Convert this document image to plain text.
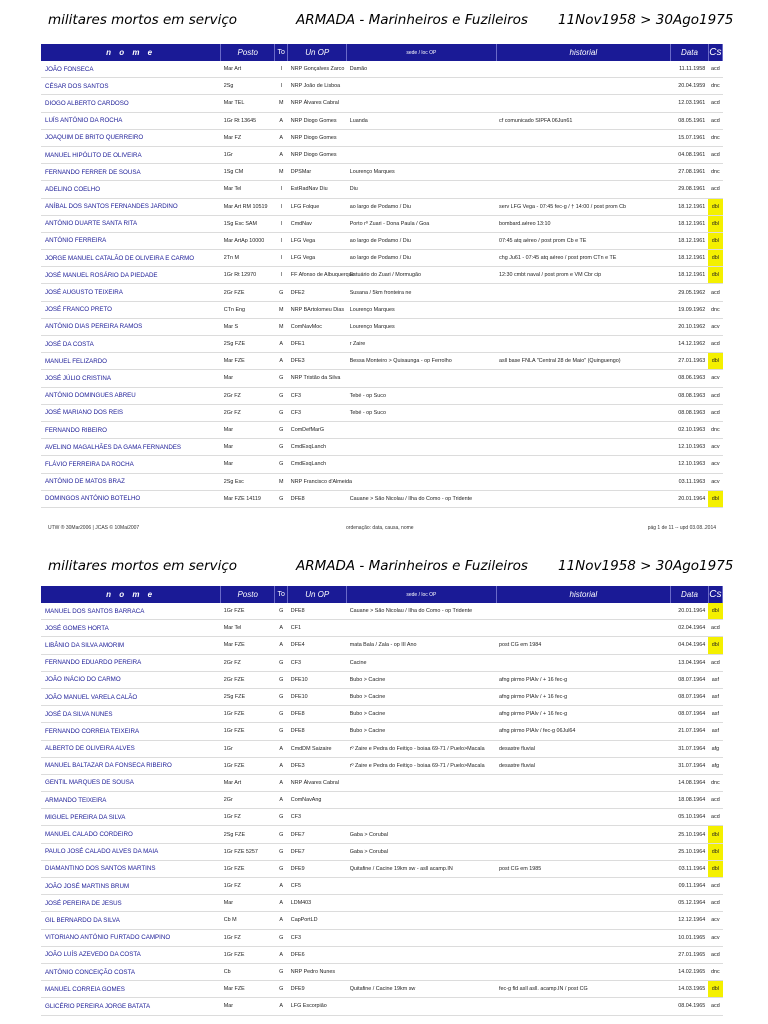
militares mortos em serviço	ARMADA - Marinheiros e Fuzileiros 11Nov1958 > 30Ago1975
n o m e	Posto	To	Un OP	sede / loc OP	historial	Data	Cs
JOÃO FONSECA	Mar Art	I	NRP Gonçalves Zarco	Damão		11.11.1958	acd
CÉSAR DOS SANTOS	2Sg	I	NRP João de Lisboa			20.04.1959	dnc
DIOGO ALBERTO CARDOSO	Mar TEL	M	NRP Álvares Cabral			12.03.1961	acd
LUÍS ANTÓNIO DA ROCHA	1Gr Rt 13645	A	NRP Diogo Gomes	Luanda	cf comunicado SIPFA 06Jun61	08.05.1961	acd
JOAQUIM DE BRITO QUERREIRO	Mar FZ	A	NRP Diogo Gomes			15.07.1961	dnc
MANUEL HIPÓLITO DE OLIVEIRA	1Gr	A	NRP Diogo Gomes			04.08.1961	acd
FERNANDO FERRER DE SOUSA	1Sg CM	M	DPSMar	Lourenço Marques		27.08.1961	dnc
ADELINO COELHO	Mar Tel	I	EstRadNav Diu	Diu		29.08.1961	acd
ANÍBAL DOS SANTOS FERNANDES JARDINO	Mar Art RM 10519	I	LFG Folque	ao largo de Podamo / Diu	serv LFG Vega - 07:45 fec-g / † 14:00 / post prom Cb	18.12.1961	dbl
ANTÓNIO DUARTE SANTA RITA	1Sg Esc SAM	I	CmdNav	Porto rº Zuari - Dona Paula / Goa	bombard.aéreo 13:10	18.12.1961	dbl
ANTÓNIO FERREIRA	Mar ArtAp 10000	I	LFG Vega	ao largo de Podamo / Diu	07:45 atq aéreo / post prom Cb e TE	18.12.1961	dbl
JORGE MANUEL CATALÃO DE OLIVEIRA E CARMO	2Tn M	I	LFG Vega	ao largo de Podamo / Diu	chg Ju61 - 07:45 atq aéreo / post prom CTn e TE	18.12.1961	dbl
JOSÉ MANUEL ROSÁRIO DA PIEDADE	1Gr Rt 12970	I	FF Afonso de Albuquerque	Estuário do Zuari / Mormugão	12:30 cmbt naval / post prom e VM Cbr cip	18.12.1961	dbl
JOSÉ AUGUSTO TEIXEIRA	2Gr FZE	G	DFE2	Susana / 5km fronteira ne		29.05.1962	acd
JOSÉ FRANCO PRETO	CTn Eng	M	NRP BArtolomeu Dias	Lourenço Marques		19.09.1962	dnc
ANTÓNIO DIAS PEREIRA RAMOS	Mar S	M	ComNavMoc	Lourenço Marques		20.10.1962	acv
JOSÉ DA COSTA	2Sg FZE	A	DFE1	r Zaire		14.12.1962	acd
MANUEL FELIZARDO	Mar FZE	A	DFE3	Bessa Monteiro > Quixaunga - op Ferrolho	asll base FNLA "Central 28 de Maio" (Quinguengo)	27.01.1963	dbl
JOSÉ JÚLIO CRISTINA	Mar	G	NRP Tristão da Silva			08.06.1963	acv
ANTÓNIO DOMINGUES ABREU	2Gr FZ	G	CF3	Tebé - op Suco		08.08.1963	acd
JOSÉ MARIANO DOS REIS	2Gr FZ	G	CF3	Tebé - op Suco		08.08.1963	acd
FERNANDO RIBEIRO	Mar	G	ComDefMarG			02.10.1963	dnc
AVELINO MAGALHÃES DA GAMA FERNANDES	Mar	G	CmdEsqLanch			12.10.1963	acv
FLÁVIO FERREIRA DA ROCHA	Mar	G	CmdEsqLanch			12.10.1963	acv
ANTÓNIO DE MATOS BRAZ	2Sg Esc	M	NRP Francisco d'Almeida			03.11.1963	acv
DOMINGOS ANTÓNIO BOTELHO	Mar FZE 14119	G	DFE8	Cauane > São Nicolau / Ilha do Como - op Tridente		20.01.1964	dbl
UTW ® 30Mar2006 | JCAS © 10Mai2007	ordenação: data, causa, nome	pág 1 de 11 -- upd 03.08..2014
militares mortos em serviço	ARMADA - Marinheiros e Fuzileiros 11Nov1958 > 30Ago1975
n o m e	Posto	To	Un OP	sede / loc OP	historial	Data	Cs
MANUEL DOS SANTOS BARRACA	1Gr FZE	G	DFE8	Cauane > São Nicolau / Ilha do Como - op Tridente		20.01.1964	dbl
JOSÉ GOMES HORTA	Mar Tel	A	CF1			02.04.1964	acd
LIBÂNIO DA SILVA AMORIM	Mar FZE	A	DFE4	mata Bala / Zala - op III Ano	post CG em 1984	04.04.1964	dbl
FERNANDO EDUARDO PEREIRA	2Gr FZ	G	CF3	Cacine		13.04.1964	acd
JOÃO INÁCIO DO CARMO	2Gr FZE	G	DFE10	Bubo > Cacine	afng pirmo PIAlv / + 16 fec-g	08.07.1964	asf
JOÃO MANUEL VARELA CALÃO	2Sg FZE	G	DFE10	Bubo > Cacine	afng pirmo PIAlv / + 16 fec-g	08.07.1964	asf
JOSÉ DA SILVA NUNES	1Gr FZE	G	DFE8	Bubo > Cacine	afng pirmo PIAlv / + 16 fec-g	08.07.1964	asf
FERNANDO CORREIA TEIXEIRA	1Gr FZE	G	DFE8	Bubo > Cacine	afng pirmo PIAlv / fec-g 06Jul64	21.07.1964	asf
ALBERTO DE OLIVEIRA ALVES	1Gr	A	CmdDM Saizaire	rº Zaire e Pedra do Feitiço - boiaa 69-71 / Puelo>Macala	desastre fluvial	31.07.1964	afg
MANUEL BALTAZAR DA FONSECA RIBEIRO	1Gr FZE	A	DFE3	rº Zaire e Pedra do Feitiço - boiaa 69-71 / Puelo>Macala	desastre fluvial	31.07.1964	afg
GENTIL MARQUES DE SOUSA	Mar Art	A	NRP Álvares Cabral			14.08.1964	dnc
ARMANDO TEIXEIRA	2Gr	A	ComNavAng			18.08.1964	acd
MIGUEL PEREIRA DA SILVA	1Gr FZ	G	CF3			05.10.1964	acd
MANUEL CALADO CORDEIRO	2Sg FZE	G	DFE7	Gaba > Corubal		25.10.1964	dbl
PAULO JOSÉ CALADO ALVES DA MAIA	1Gr FZE 5257	G	DFE7	Gaba > Corubal		25.10.1964	dbl
DIAMANTINO DOS SANTOS MARTINS	1Gr FZE	G	DFE9	Quitafine / Cacine 19km sw - asll acamp.IN	post CG em 1985	03.11.1964	dbl
JOÃO JOSÉ MARTINS BRUM	1Gr FZ	A	CF5			09.11.1964	acd
JOSÉ PEREIRA DE JESUS	Mar	A	LDM403			05.12.1964	acd
GIL BERNARDO DA SILVA	Cb M	A	CapPortLD			12.12.1964	acv
VITORIANO ANTÓNIO FURTADO CAMPINO	1Gr FZ	G	CF3			10.01.1965	acv
JOÃO LUÍS AZEVEDO DA COSTA	1Gr FZE	A	DFE6			27.01.1965	acd
ANTÓNIO CONCEIÇÃO COSTA	Cb	G	NRP Pedro Nunes			14.02.1965	dnc
MANUEL CORREIA GOMES	Mar FZE	G	DFE9	Quitafine / Cacine 19km sw	fec-g fld asll asll. acamp.IN / post CG	14.03.1965	dbl
GLICÉRIO PEREIRA JORGE BATATA	Mar	A	LFG Escorpião			08.04.1965	acd
